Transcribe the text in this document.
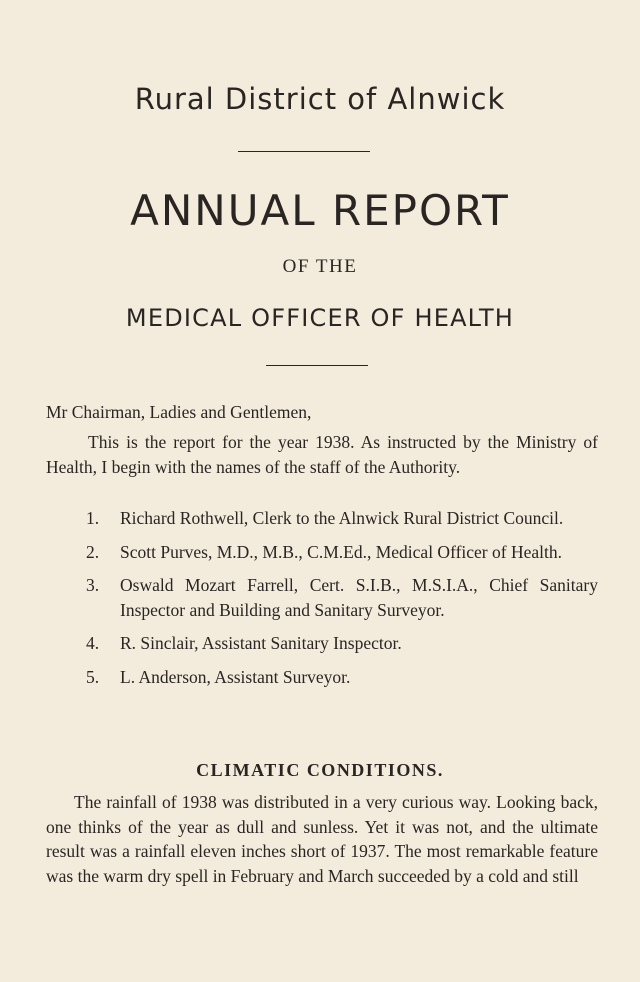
Rural District of Alnwick
ANNUAL REPORT
OF THE
MEDICAL OFFICER OF HEALTH
Mr Chairman, Ladies and Gentlemen,
This is the report for the year 1938. As instructed by the Ministry of Health, I begin with the names of the staff of the Authority.
1. Richard Rothwell, Clerk to the Alnwick Rural District Council.
2. Scott Purves, M.D., M.B., C.M.Ed., Medical Officer of Health.
3. Oswald Mozart Farrell, Cert. S.I.B., M.S.I.A., Chief Sanitary Inspector and Building and Sanitary Surveyor.
4. R. Sinclair, Assistant Sanitary Inspector.
5. L. Anderson, Assistant Surveyor.
CLIMATIC CONDITIONS.
The rainfall of 1938 was distributed in a very curious way. Looking back, one thinks of the year as dull and sunless. Yet it was not, and the ultimate result was a rainfall eleven inches short of 1937. The most remarkable feature was the warm dry spell in February and March succeeded by a cold and still
